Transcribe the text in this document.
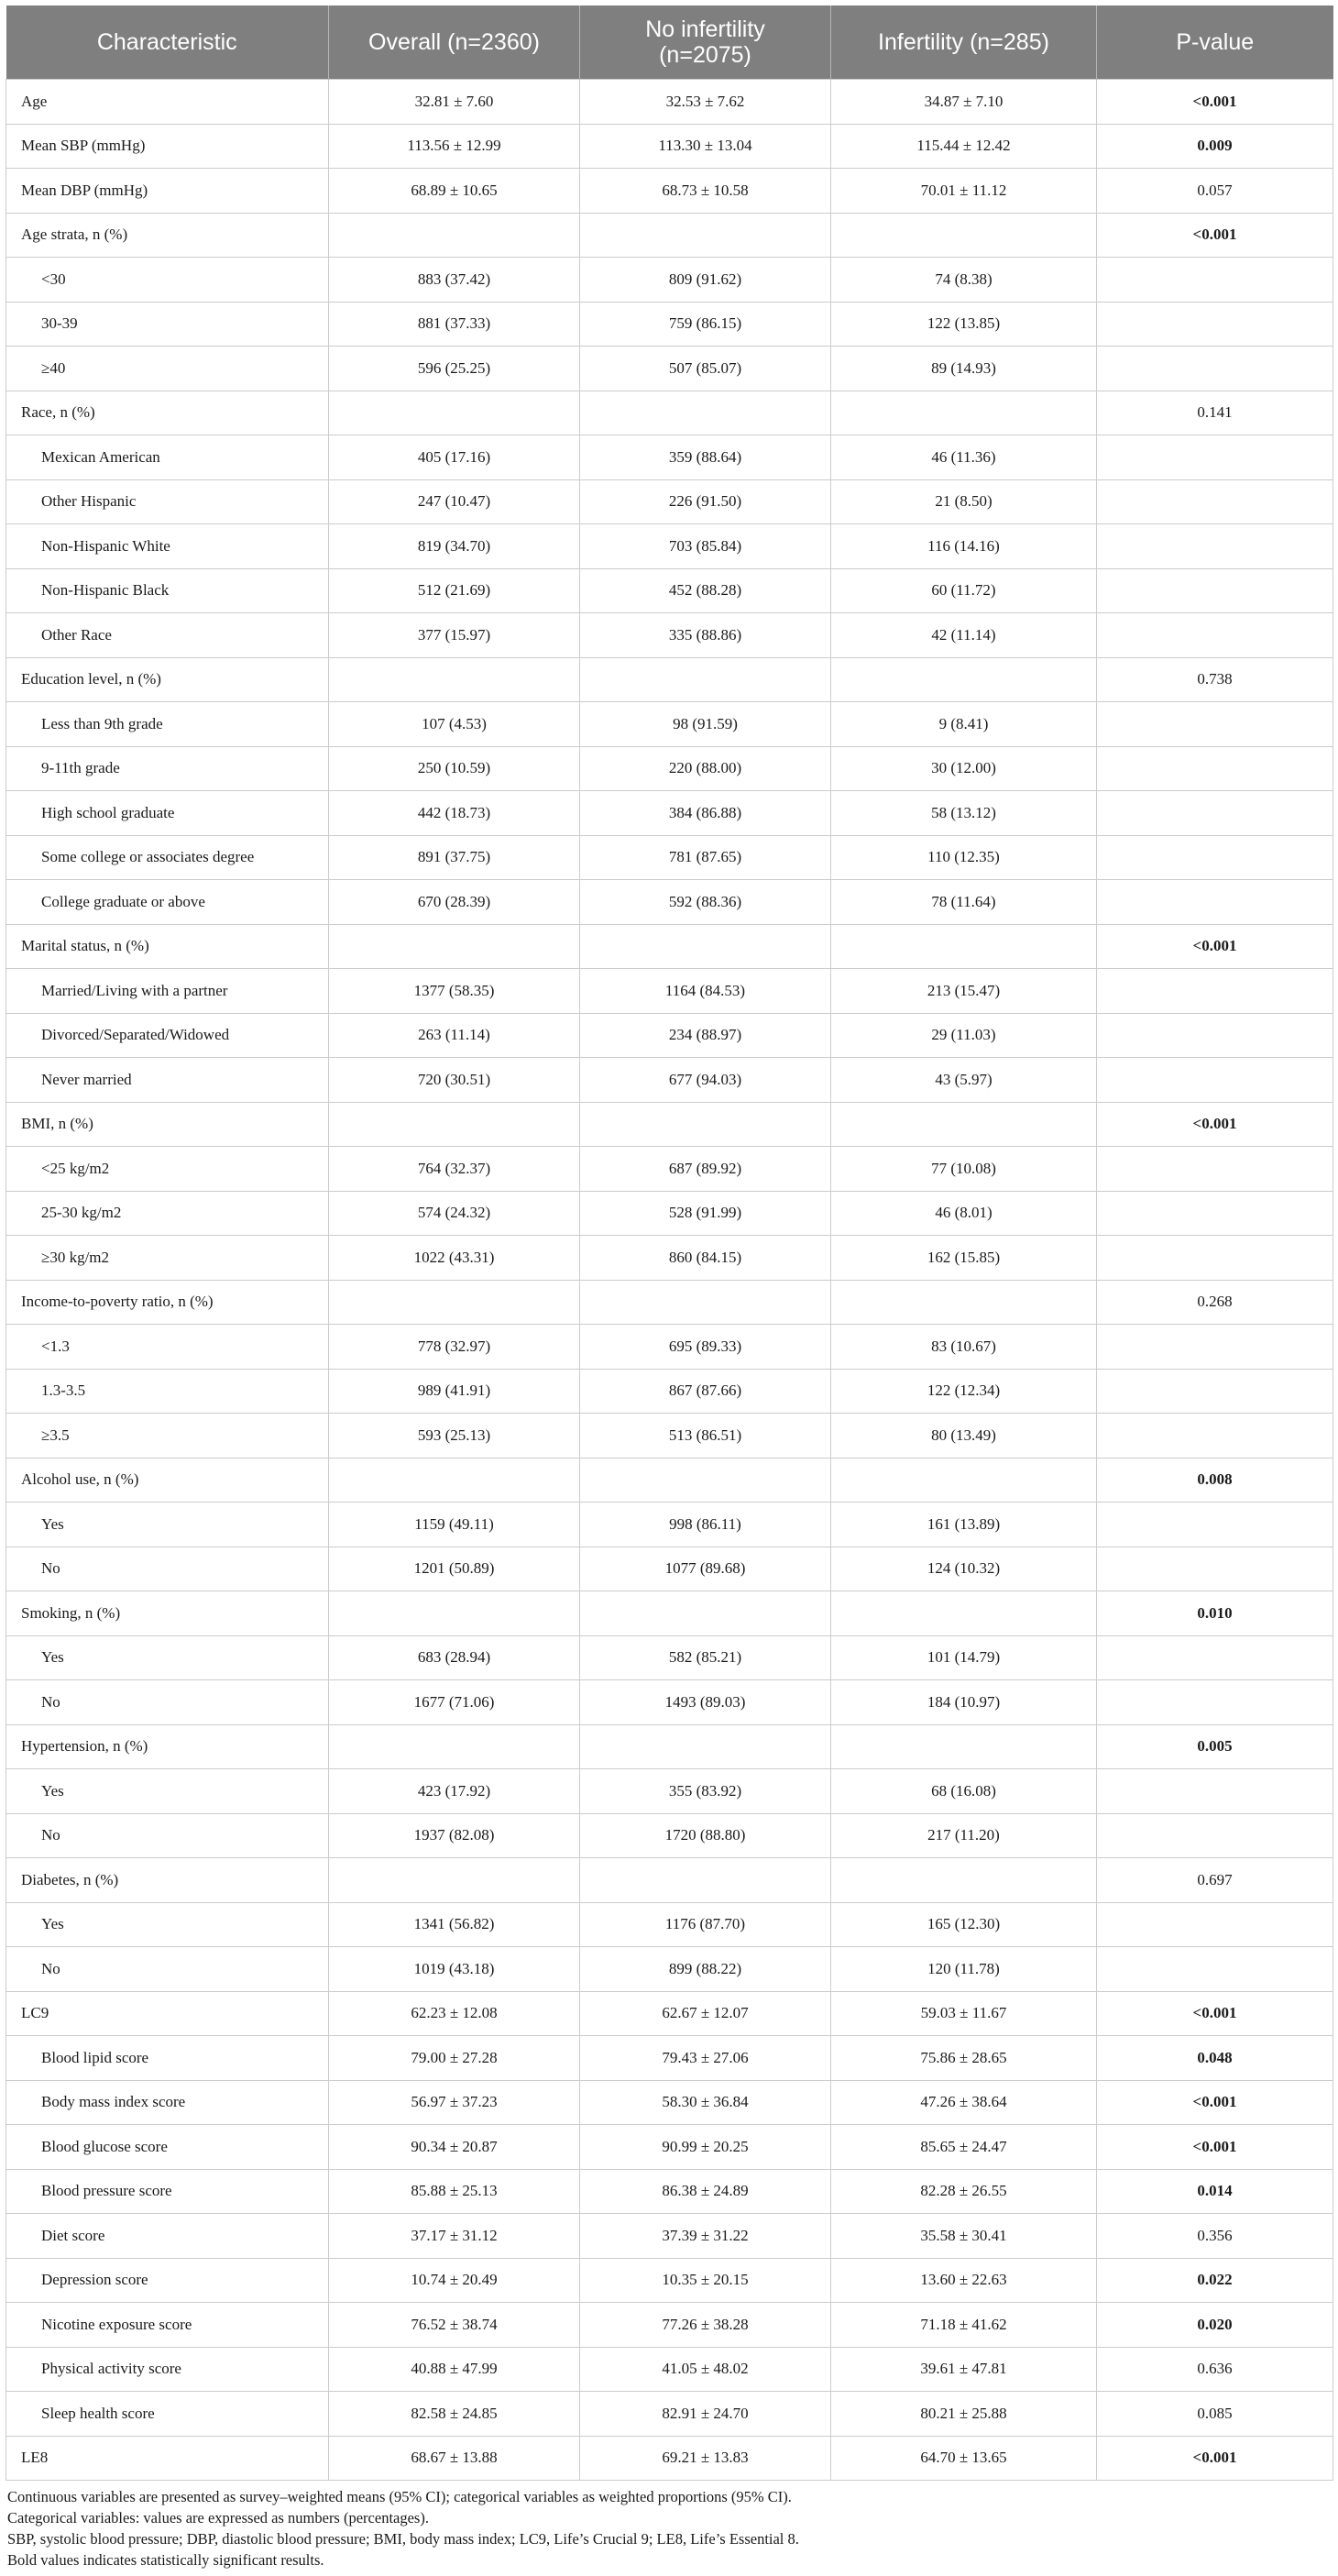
Characteristic	Overall (n=2360)	No infertility (n=2075)	Infertility (n=285)	P-value
Age	32.81 ± 7.60	32.53 ± 7.62	34.87 ± 7.10	<0.001
Mean SBP (mmHg)	113.56 ± 12.99	113.30 ± 13.04	115.44 ± 12.42	0.009
Mean DBP (mmHg)	68.89 ± 10.65	68.73 ± 10.58	70.01 ± 11.12	0.057
Age strata, n (%)				<0.001
<30	883 (37.42)	809 (91.62)	74 (8.38)	
30-39	881 (37.33)	759 (86.15)	122 (13.85)	
≥40	596 (25.25)	507 (85.07)	89 (14.93)	
Race, n (%)				0.141
Mexican American	405 (17.16)	359 (88.64)	46 (11.36)	
Other Hispanic	247 (10.47)	226 (91.50)	21 (8.50)	
Non-Hispanic White	819 (34.70)	703 (85.84)	116 (14.16)	
Non-Hispanic Black	512 (21.69)	452 (88.28)	60 (11.72)	
Other Race	377 (15.97)	335 (88.86)	42 (11.14)	
Education level, n (%)				0.738
Less than 9th grade	107 (4.53)	98 (91.59)	9 (8.41)	
9-11th grade	250 (10.59)	220 (88.00)	30 (12.00)	
High school graduate	442 (18.73)	384 (86.88)	58 (13.12)	
Some college or associates degree	891 (37.75)	781 (87.65)	110 (12.35)	
College graduate or above	670 (28.39)	592 (88.36)	78 (11.64)	
Marital status, n (%)				<0.001
Married/Living with a partner	1377 (58.35)	1164 (84.53)	213 (15.47)	
Divorced/Separated/Widowed	263 (11.14)	234 (88.97)	29 (11.03)	
Never married	720 (30.51)	677 (94.03)	43 (5.97)	
BMI, n (%)				<0.001
<25 kg/m2	764 (32.37)	687 (89.92)	77 (10.08)	
25-30 kg/m2	574 (24.32)	528 (91.99)	46 (8.01)	
≥30 kg/m2	1022 (43.31)	860 (84.15)	162 (15.85)	
Income-to-poverty ratio, n (%)				0.268
<1.3	778 (32.97)	695 (89.33)	83 (10.67)	
1.3-3.5	989 (41.91)	867 (87.66)	122 (12.34)	
≥3.5	593 (25.13)	513 (86.51)	80 (13.49)	
Alcohol use, n (%)				0.008
Yes	1159 (49.11)	998 (86.11)	161 (13.89)	
No	1201 (50.89)	1077 (89.68)	124 (10.32)	
Smoking, n (%)				0.010
Yes	683 (28.94)	582 (85.21)	101 (14.79)	
No	1677 (71.06)	1493 (89.03)	184 (10.97)	
Hypertension, n (%)				0.005
Yes	423 (17.92)	355 (83.92)	68 (16.08)	
No	1937 (82.08)	1720 (88.80)	217 (11.20)	
Diabetes, n (%)				0.697
Yes	1341 (56.82)	1176 (87.70)	165 (12.30)	
No	1019 (43.18)	899 (88.22)	120 (11.78)	
LC9	62.23 ± 12.08	62.67 ± 12.07	59.03 ± 11.67	<0.001
Blood lipid score	79.00 ± 27.28	79.43 ± 27.06	75.86 ± 28.65	0.048
Body mass index score	56.97 ± 37.23	58.30 ± 36.84	47.26 ± 38.64	<0.001
Blood glucose score	90.34 ± 20.87	90.99 ± 20.25	85.65 ± 24.47	<0.001
Blood pressure score	85.88 ± 25.13	86.38 ± 24.89	82.28 ± 26.55	0.014
Diet score	37.17 ± 31.12	37.39 ± 31.22	35.58 ± 30.41	0.356
Depression score	10.74 ± 20.49	10.35 ± 20.15	13.60 ± 22.63	0.022
Nicotine exposure score	76.52 ± 38.74	77.26 ± 38.28	71.18 ± 41.62	0.020
Physical activity score	40.88 ± 47.99	41.05 ± 48.02	39.61 ± 47.81	0.636
Sleep health score	82.58 ± 24.85	82.91 ± 24.70	80.21 ± 25.88	0.085
LE8	68.67 ± 13.88	69.21 ± 13.83	64.70 ± 13.65	<0.001
Continuous variables are presented as survey–weighted means (95% CI); categorical variables as weighted proportions (95% CI).
Categorical variables: values are expressed as numbers (percentages).
SBP, systolic blood pressure; DBP, diastolic blood pressure; BMI, body mass index; LC9, Life’s Crucial 9; LE8, Life’s Essential 8.
Bold values indicates statistically significant results.
